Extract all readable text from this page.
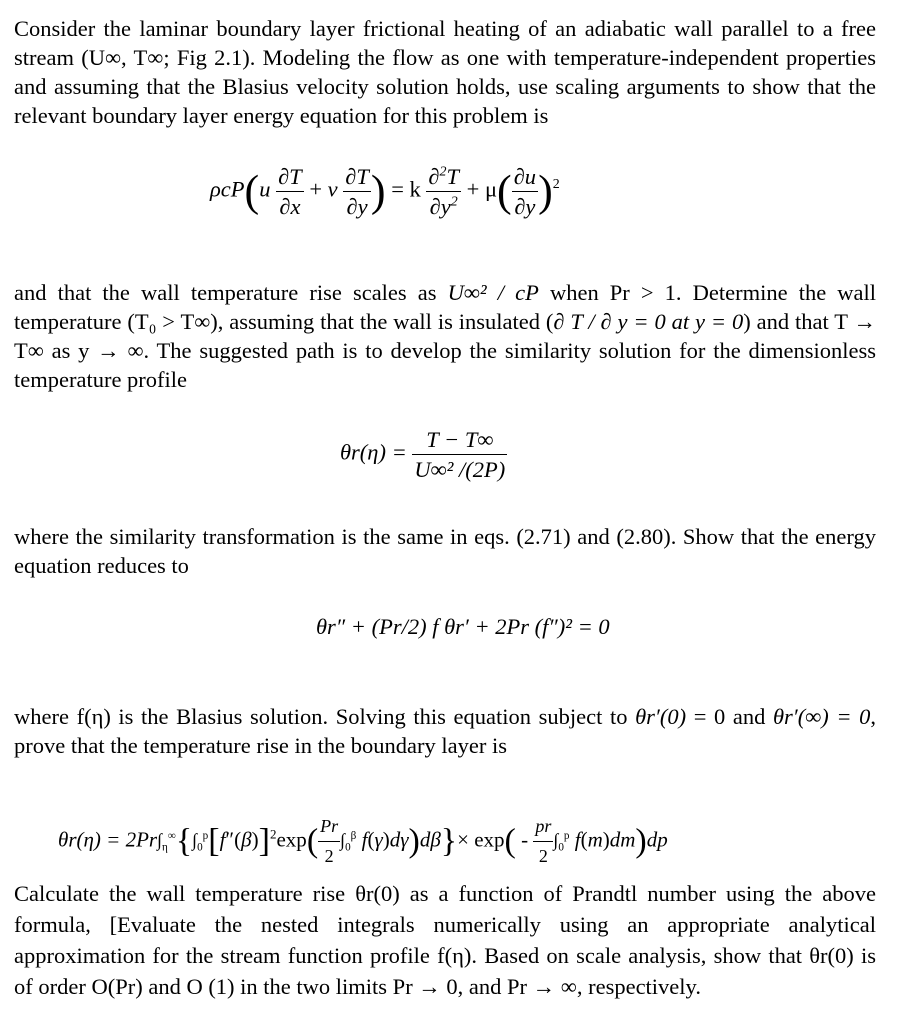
Consider the laminar boundary layer frictional heating of an adiabatic wall parallel to a free stream (U∞, T∞; Fig 2.1). Modeling the flow as one with temperature-independent properties and assuming that the Blasius velocity solution holds, use scaling arguments to show that the relevant boundary layer energy equation for this problem is
$\rho cP(u \frac{\partial T}{\partial x} + v \frac{\partial T}{\partial y}$ ) = k $\frac{\partial^2T}{\partial y^2} + \mu( \frac{\partial u}{\partial y} )^2$
and that the wall temperature rise scales as U∞² / cP when Pr > 1. Determine the wall temperature (T₀ > T∞), assuming that the wall is insulated (∂ T / ∂ y = 0 at y = 0) and that T → T∞ as y → ∞. The suggested path is to develop the similarity solution for the dimensionless temperature profile
$\theta r(\eta) = \frac{T - T\infty}{\text{U∞² /(2P)}}$
where the similarity transformation is the same in eqs. (2.71) and (2.80). Show that the energy equation reduces to
θr″ + (Pr/2) f θr′ + 2Pr (f″)² = 0
where f(η) is the Blasius solution. Solving this equation subject to θr′(0) = 0 and θr′(∞) = 0, prove that the temperature rise in the boundary layer is
$\theta r(\eta) = 2Pr\int_\eta^\infty\{\int_0^p[f''(\beta)]^2\exp( \frac{Pr}{2} \int_0^\beta$ $f(\gamma)d\gamma)d\beta\}\times \exp( - \frac{pr}{2} \int_0^p$ f(m)dm)dp
Calculate the wall temperature rise θr(0) as a function of Prandtl number using the above formula, [Evaluate the nested integrals numerically using an appropriate analytical approximation for the stream function profile f(η). Based on scale analysis, show that θr(0) is of order O(Pr) and O (1) in the two limits Pr → 0, and Pr → ∞, respectively.
